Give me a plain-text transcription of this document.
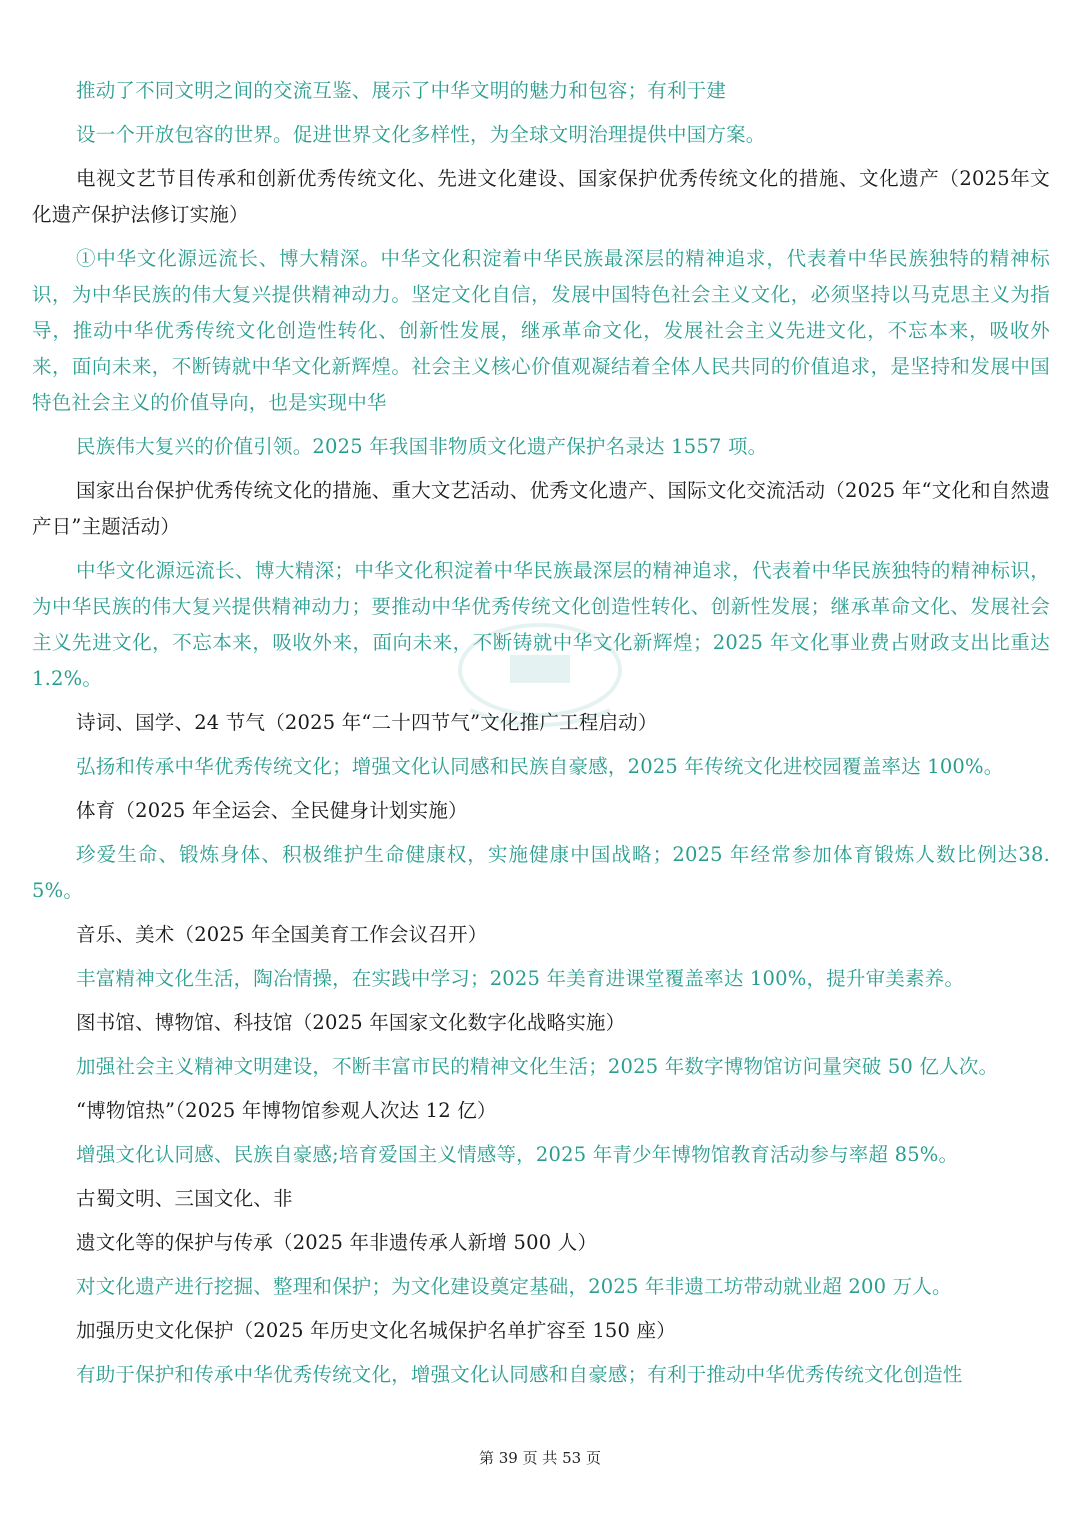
推动了不同文明之间的交流互鉴、展示了中华文明的魅力和包容；有利于建

设一个开放包容的世界。促进世界文化多样性，为全球文明治理提供中国方案。

电视文艺节目传承和创新优秀传统文化、先进文化建设、国家保护优秀传统文化的措施、文化遗产（2025年文化遗产保护法修订实施）

①中华文化源远流长、博大精深。中华文化积淀着中华民族最深层的精神追求，代表着中华民族独特的精神标识，为中华民族的伟大复兴提供精神动力。坚定文化自信，发展中国特色社会主义文化，必须坚持以马克思主义为指导，推动中华优秀传统文化创造性转化、创新性发展，继承革命文化，发展社会主义先进文化，不忘本来，吸收外来，面向未来，不断铸就中华文化新辉煌。社会主义核心价值观凝结着全体人民共同的价值追求，是坚持和发展中国特色社会主义的价值导向，也是实现中华

民族伟大复兴的价值引领。2025 年我国非物质文化遗产保护名录达 1557 项。

国家出台保护优秀传统文化的措施、重大文艺活动、优秀文化遗产、国际文化交流活动（2025 年“文化和自然遗产日”主题活动）

中华文化源远流长、博大精深；中华文化积淀着中华民族最深层的精神追求，代表着中华民族独特的精神标识，为中华民族的伟大复兴提供精神动力；要推动中华优秀传统文化创造性转化、创新性发展；继承革命文化、发展社会主义先进文化，不忘本来，吸收外来，面向未来，不断铸就中华文化新辉煌；2025 年文化事业费占财政支出比重达 1.2%。

诗词、国学、24 节气（2025 年“二十四节气”文化推广工程启动）

弘扬和传承中华优秀传统文化；增强文化认同感和民族自豪感，2025 年传统文化进校园覆盖率达 100%。

体育（2025 年全运会、全民健身计划实施）

珍爱生命、锻炼身体、积极维护生命健康权，实施健康中国战略；2025 年经常参加体育锻炼人数比例达38.5%。

音乐、美术（2025 年全国美育工作会议召开）

丰富精神文化生活，陶冶情操，在实践中学习；2025 年美育进课堂覆盖率达 100%，提升审美素养。

图书馆、博物馆、科技馆（2025 年国家文化数字化战略实施）

加强社会主义精神文明建设，不断丰富市民的精神文化生活；2025 年数字博物馆访问量突破 50 亿人次。

“博物馆热”（2025 年博物馆参观人次达 12 亿）

增强文化认同感、民族自豪感;培育爱国主义情感等，2025 年青少年博物馆教育活动参与率超 85%。

古蜀文明、三国文化、非

遗文化等的保护与传承（2025 年非遗传承人新增 500 人）

对文化遗产进行挖掘、整理和保护；为文化建设奠定基础，2025 年非遗工坊带动就业超 200 万人。

加强历史文化保护（2025 年历史文化名城保护名单扩容至 150 座）

有助于保护和传承中华优秀传统文化，增强文化认同感和自豪感；有利于推动中华优秀传统文化创造性

第 39 页 共 53 页
